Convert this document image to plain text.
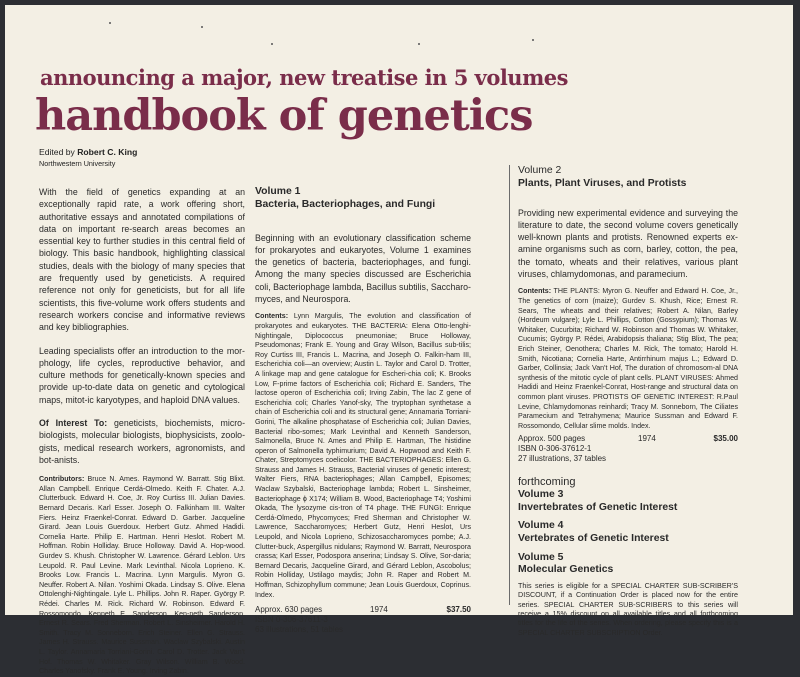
announcing a major, new treatise in 5 volumes
handbook of genetics
Edited by Robert C. King
Northwestern University

With the field of genetics expanding at an exceptionally rapid rate, a work offering short, authoritative essays and annotated compilations of data on important re-search areas becomes an essential key to further studies in this central field of biology. This basic handbook, highlighting classical studies, deals with the biology of many species that are frequently used by geneticists. A required reference not only for geneticists, but for all life scientists, this five-volume work offers students and research workers concise and informative reviews and key bibliographies.

Leading specialists offer an introduction to the mor-phology, life cycles, reproductive behavior, and culture methods for genetically-known species and provide up-to-date data on genetic and cytological maps, mitot-ic karyotypes, and haploid DNA values.

Of Interest To: geneticists, biochemists, micro-biologists, molecular biologists, biophysicists, zoolo-gists, medical research workers, agronomists, and bot-anists.

Contributors: Bruce N. Ames. Raymond W. Barratt. Stig Blixt. Allan Campbell. Enrique Cerdá-Olmedo. Keith F. Chater. A.J. Clutterbuck. Edward H. Coe, Jr. Roy Curtiss III. Julian Davies. Bernard Decaris. Karl Esser. Joseph O. Falkinham III. Walter Fiers. Heinz Fraenkel-Conrat. Edward D. Garber. Jacqueline Girard. Jean Louis Guerdoux. Herbert Gutz. Ahmed Hadidi. Cornelia Harte. Philip E. Hartman. Henri Heslot. Robert M. Hoffman. Robin Holliday. Bruce Holloway. David A. Hop-wood. Gurdev S. Khush. Christopher W. Lawrence. Gérard Leblon. Urs Leupold. R. Paul Levine. Mark Levinthal. Nicola Loprieno. K. Brooks Low. Francis L. Macrina. Lynn Margulis. Myron G. Neuffer. Robert A. Nilan. Yoshimi Okada. Lindsay S. Olive. Elena Ottolenghi-Nightingale. Lyle L. Phillips. John R. Raper. György P. Rédei. Charles M. Rick. Richard W. Robinson. Edward F. Rossomondo. Kenneth E. Sanderson. Ken-neth Sanderson. Ernest R. Sears. Fred Sherman. Robert L. Sinsheimer. Harold H. Smith. Tracy M. Sonneborn. Erich Steiner. Ellen G. Strauss. James H. Strauss. Maurice Sussman. Waclaw Szybalski. Austin L. Taylor. Annamaria Torriani-Gorini. Carol D. Trotter. Jack Van't Hof. Thomas W. Whitaker. Gray Wilson. William B. Wood. Charles Yanofsky. Frank E. Young. Irving Zabin.

Volume 1
Bacteria, Bacteriophages, and Fungi

Beginning with an evolutionary classification scheme for prokaryotes and eukaryotes, Volume 1 examines the genetics of bacteria, bacteriophages, and fungi. Among the many species discussed are Escherichia coli, Bacteriophage lambda, Bacillus subtilis, Saccharo-myces, and Neurospora.

Contents: Lynn Margulis, The evolution and classification of prokaryotes and eukaryotes. THE BACTERIA: Elena Otto-lenghi-Nightingale, Diplococcus pneumoniae; Bruce Holloway, Pseudomonas; Frank E. Young and Gray Wilson, Bacillus sub-tilis; Roy Curtiss III, Francis L. Macrina, and Joseph O. Falkin-ham III, Escherichia coli—an overview; Austin L. Taylor and Carol D. Trotter, A linkage map and gene catalogue for Escheri-chia coli; K. Brooks Low, F-prime factors of Escherichia coli; Richard E. Sanders, The lactose operon of Escherichia coli; Irving Zabin, The lac Z gene of Escherichia coli; Charles Yanof-sky, The tryptophan synthetase a chain of Escherichia coli and its structural gene; Annamaria Torriani-Gorini, The alkaline phosphatase of Escherichia coli; Julian Davies, Bacterial ribo-somes; Mark Levinthal and Kenneth Sanderson, Salmonella, Bruce N. Ames and Philip E. Hartman, The histidine operon of Salmonella typhimurium; David A. Hopwood and Keith F. Chater, Streptomyces coelicolor. THE BACTERIOPHAGES: Ellen G. Strauss and James H. Strauss, Bacterial viruses of genetic interest; Walter Fiers, RNA bacteriophages; Allan Campbell, Episomes; Waclaw Szybalski, Bacteriophage lambda; Robert L. Sinsheimer, Bacteriophage ϕ X174; William B. Wood, Bacteriophage T4; Yoshimi Okada, The lysozyme cis-tron of T4 phage. THE FUNGI: Enrique Cerdá-Olmedo, Phycomyces; Fred Sherman and Christopher W. Lawrence, Saccharomyces; Herbert Gutz, Henri Heslot, Urs Leupold, and Nicola Loprieno, Schizosaccharomyces pombe; A.J. Clutter-buck, Aspergillus nidulans; Raymond W. Barratt, Neurospora crassa; Karl Esser, Podospora anserina; Lindsay S. Olive, Sor-daria; Bernard Decaris, Jacqueline Girard, and Gérard Leblon, Ascobolus; Robin Holliday, Ustilago maydis; John R. Raper and Robert M. Hoffman, Schizophyllum commune; Jean Louis Guerdoux, Coprinus. Index.

Approx. 630 pages	1974	$37.50
ISBN 0-306-37611-3
63 illustrations, 51 tables
Volume 2
Plants, Plant Viruses, and Protists

Providing new experimental evidence and surveying the literature to date, the second volume covers genetically well-known plants and protists. Renowned experts ex-amine organisms such as corn, barley, cotton, the pea, the tomato, wheats and their relatives, various plant viruses, chlamydomonas, and paramecium.

Contents: THE PLANTS: Myron G. Neuffer and Edward H. Coe, Jr., The genetics of corn (maize); Gurdev S. Khush, Rice; Ernest R. Sears, The wheats and their relatives; Robert A. Nilan, Barley (Hordeum vulgare); Lyle L. Phillips, Cotton (Gossypium); Thomas W. Whitaker, Cucurbita; Richard W. Robinson and Thomas W. Whitaker, Cucumis; György P. Rédei, Arabidopsis thaliana; Stig Blixt, The pea; Erich Steiner, Oenothera; Charles M. Rick, The tomato; Harold H. Smith, Nicotiana; Cornelia Harte, Antirrhinum majus L.; Edward D. Garber, Collinsia; Jack Van't Hof, The duration of chromosom-al DNA synthesis of the mitotic cycle of plant cells. PLANT VIRUSES: Ahmed Hadidi and Heinz Fraenkel-Conrat, Host-range and structural data on common plant viruses. PROTISTS OF GENETIC INTEREST: R.Paul Levine, Chlamydomonas reinhardi; Tracy M. Sonneborn, The Ciliates Paramecium and Tetrahymena; Maurice Sussman and Edward F. Rossomondo, Cellular slime molds. Index.

Approx. 500 pages	1974	$35.00
ISBN 0-306-37612-1
27 illustrations, 37 tables
forthcoming
Volume 3
Invertebrates of Genetic Interest
Volume 4
Vertebrates of Genetic Interest
Volume 5
Molecular Genetics

This series is eligible for a SPECIAL CHARTER SUB-SCRIBER'S DISCOUNT, if a Continuation Order is placed now for the entire series. SPECIAL CHARTER SUB-SCRIBERS to this series will receive a 15% discount on all available titles and all forthcoming titles for the life of the series. When ordering, please specify this is a SPECIAL CHARTER SUBSCRIPTION Order.
